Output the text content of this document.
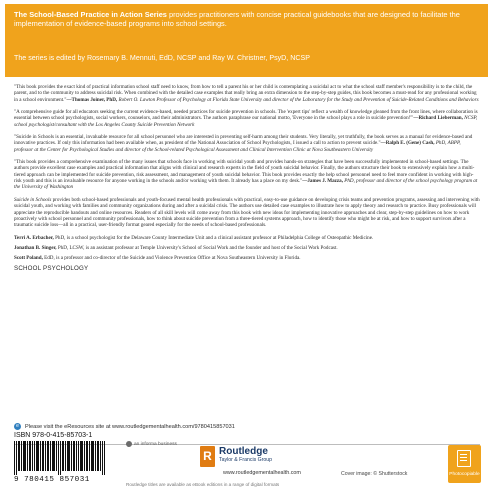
The School-Based Practice in Action Series provides practitioners with concise practical guidebooks that are designed to facilitate the implementation of evidence-based programs into school settings.
The series is edited by Rosemary B. Mennuti, EdD, NCSP and Ray W. Christner, PsyD, NCSP

"This book provides the exact kind of practical information school staff need to know, from how to tell a parent his or her child is contemplating a suicidal act to what the school staff member's responsibility is to the child, the parent, and to the community to address suicidal risk. When combined with the detailed case examples that really bring an extra dimension to the step-by-step guides, this book becomes a must-read for any professional working in a school environment."—Thomas Joiner, PhD, Robert O. Lawton Professor of Psychology at Florida State University and director of the Laboratory for the Study and Prevention of Suicide-Related Conditions and Behaviors

"A comprehensive guide for all educators seeking the current evidence-based, needed practices for suicide prevention in schools. The 'expert tips' reflect a wealth of knowledge gleaned from the front lines, where collaboration is essential between school psychologists, social workers, counselors, and their administrators. The authors paraphrase our national motto, 'Everyone in the school plays a role in suicide prevention!'"—Richard Lieberman, NCSP, school psychologist/consultant with the Los Angeles County Suicide Prevention Network

"Suicide in Schools is an essential, invaluable resource for all school personnel who are interested in preventing self-harm among their students. Very literally, yet truthfully, the book serves as a manual for evidence-based and innovative practices. If only this information had been available when, as president of the National Association of School Psychologists, I issued a call to action to prevent suicide."—Ralph E. (Gene) Cash, PhD, ABPP, professor at the Center for Psychological Studies and director of the School-related Psychological Assessment and Clinical Intervention Clinic at Nova Southeastern University

"This book provides a comprehensive examination of the many issues that schools face in working with suicidal youth and provides hands-on strategies that have been successfully implemented in school-based settings. The authors provide excellent case examples and practical information that aligns with clinical and research experts in the field of youth suicidal behavior. Finally, the authors structure their book to extensively explain how a multi-tiered approach can be implemented for suicide prevention, risk assessment, and management of youth suicidal behavior. This book provides exactly the help school personnel need to feel more confident in working with high-risk youth and this is an invaluable resource for anyone working in the schools and/or working with them. It already has a place on my desk."—James J. Mazza, PhD, professor and director of the school psychology program at the University of Washington

Suicide in Schools provides both school-based professionals and youth-focused mental health professionals with practical, easy-to-use guidance on developing crisis teams and prevention programs, assessing and intervening with suicidal youth, and working with families and community organizations during and after a suicidal crisis. The authors use detailed case examples to illustrate how to apply theory and research to practice. Busy professionals will appreciate the reproducible handouts and online resources. Readers of all skill levels will come away from this book with new ideas for implementing innovative approaches and clear, step-by-step guidelines on how to work proactively with school personnel and community professionals, how to think about suicide prevention from a three-tiered systems approach, how to identify those who might be at risk, and how to support survivors after a traumatic suicide loss—all in a practical, user-friendly format geared especially for the needs of school-based professionals.

Terri A. Erbacher, PhD, is a school psychologist for the Delaware County Intermediate Unit and a clinical assistant professor at Philadelphia College of Osteopathic Medicine.

Jonathan B. Singer, PhD, LCSW, is an assistant professor at Temple University's School of Social Work and the founder and host of the Social Work Podcast.

Scott Poland, EdD, is a professor and co-director of the Suicide and Violence Prevention Office at Nova Southeastern University in Florida.

SCHOOL PSYCHOLOGY
e	Please visit the eResources site at www.routledgementalhealth.com/9780415857031
ISBN 978-0-415-85703-1
9 780415 857031
an informa business
R Routledge
Taylor & Francis Group
www.routledgementalhealth.com	Cover image: © Shutterstock
Routledge titles are available as eBook editions in a range of digital formats
Photocopiable
